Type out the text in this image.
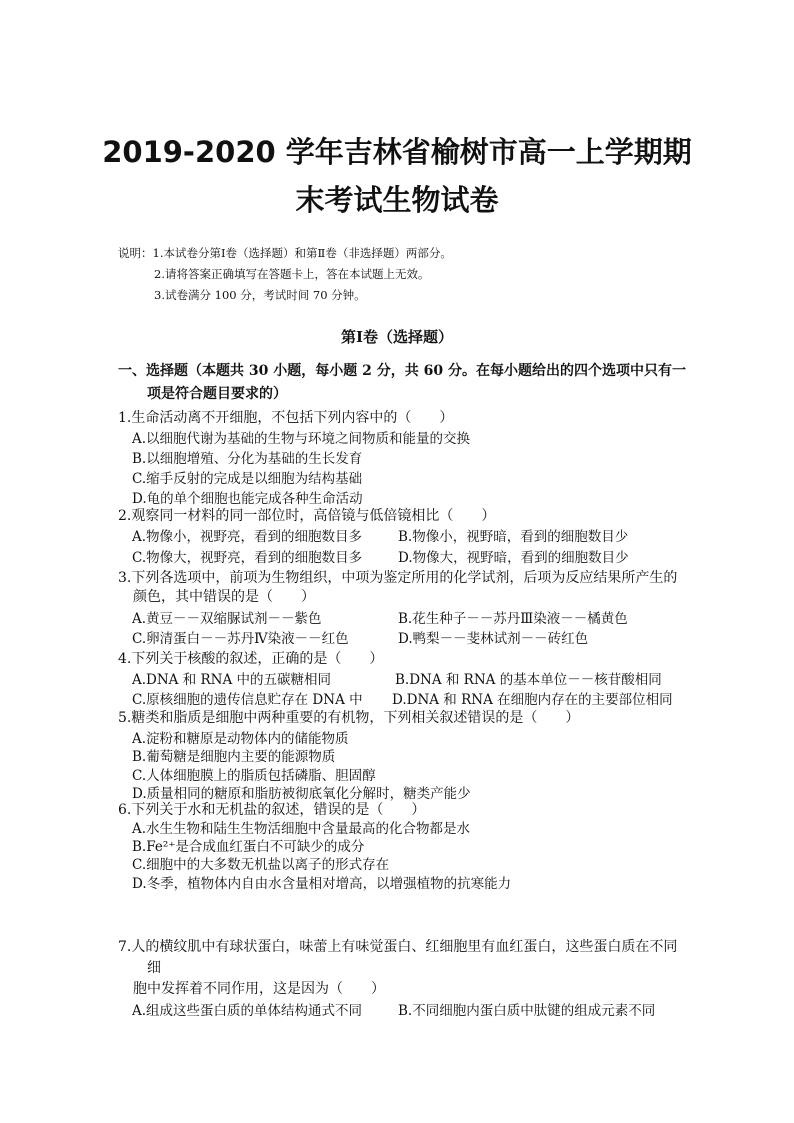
2019-2020 学年吉林省榆树市高一上学期期
末考试生物试卷
说明：1.本试卷分第Ⅰ卷（选择题）和第Ⅱ卷（非选择题）两部分。
2.请将答案正确填写在答题卡上，答在本试题上无效。
3.试卷满分 100 分，考试时间 70 分钟。
第Ⅰ卷（选择题）
一、选择题（本题共 30 小题，每小题 2 分，共 60 分。在每小题给出的四个选项中只有一
项是符合题目要求的）
1.生命活动离不开细胞，不包括下列内容中的（　　）
A.以细胞代谢为基础的生物与环境之间物质和能量的交换
B.以细胞增殖、分化为基础的生长发育
C.缩手反射的完成是以细胞为结构基础
D.龟的单个细胞也能完成各种生命活动
2.观察同一材料的同一部位时，高倍镜与低倍镜相比（　　）
A.物像小，视野亮，看到的细胞数目多	B.物像小，视野暗，看到的细胞数目少
C.物像大，视野亮，看到的细胞数目多	D.物像大，视野暗，看到的细胞数目少
3.下列各选项中，前项为生物组织，中项为鉴定所用的化学试剂，后项为反应结果所产生的
颜色，其中错误的是（　　）
A.黄豆－－双缩脲试剂－－紫色	B.花生种子－－苏丹Ⅲ染液－－橘黄色
C.卵清蛋白－－苏丹Ⅳ染液－－红色	D.鸭梨－－斐林试剂－－砖红色
4.下列关于核酸的叙述，正确的是（　　）
A.DNA 和 RNA 中的五碳糖相同	B.DNA 和 RNA 的基本单位－－核苷酸相同
C.原核细胞的遗传信息贮存在 DNA 中 D.DNA 和 RNA 在细胞内存在的主要部位相同
5.糖类和脂质是细胞中两种重要的有机物，下列相关叙述错误的是（　　）
A.淀粉和糖原是动物体内的储能物质
B.葡萄糖是细胞内主要的能源物质
C.人体细胞膜上的脂质包括磷脂、胆固醇
D.质量相同的糖原和脂肪被彻底氧化分解时，糖类产能少
6.下列关于水和无机盐的叙述，错误的是（　　）
A.水生生物和陆生生物活细胞中含量最高的化合物都是水
B.Fe²⁺是合成血红蛋白不可缺少的成分
C.细胞中的大多数无机盐以离子的形式存在
D.冬季，植物体内自由水含量相对增高，以增强植物的抗寒能力
7.人的横纹肌中有球状蛋白，味蕾上有味觉蛋白、红细胞里有血红蛋白，这些蛋白质在不同
细
胞中发挥着不同作用，这是因为（　　）
A.组成这些蛋白质的单体结构通式不同	B.不同细胞内蛋白质中肽键的组成元素不同
